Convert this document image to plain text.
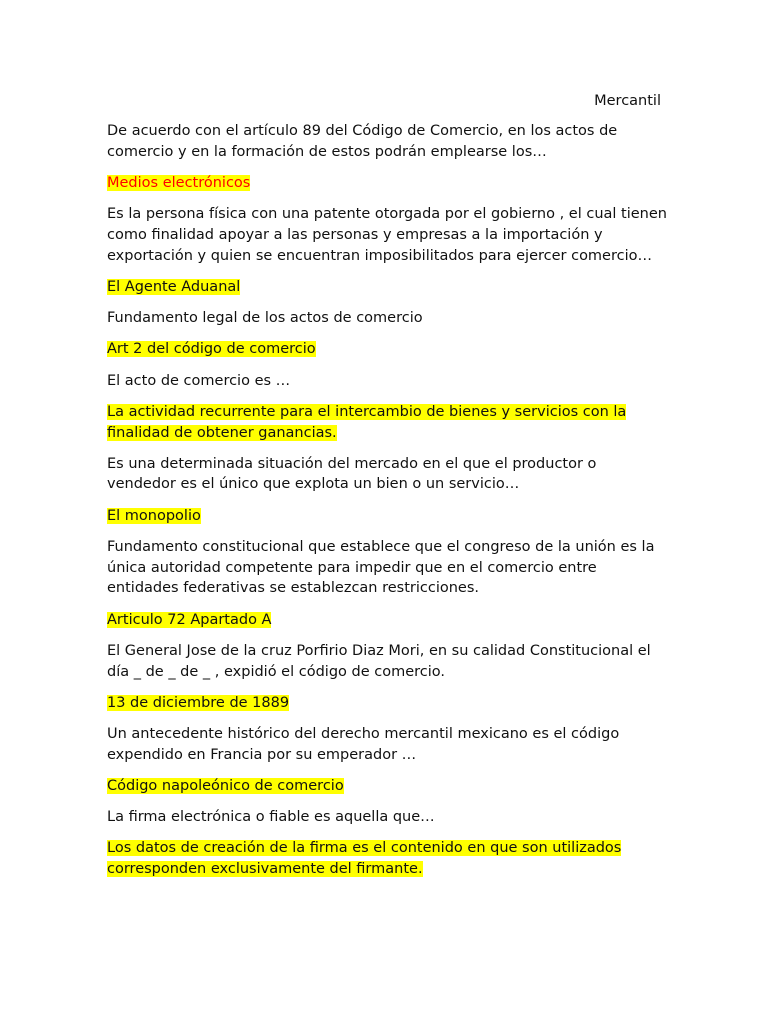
Mercantil
De acuerdo con el artículo 89 del Código de Comercio, en los actos de comercio y en la formación de estos podrán emplearse los…
Medios electrónicos
Es la persona física con una patente otorgada por el gobierno , el cual tienen como finalidad apoyar a las personas y empresas a la importación y exportación y quien se encuentran imposibilitados para ejercer comercio…
El Agente Aduanal
Fundamento legal de los actos de comercio
Art 2 del código de comercio
El acto de comercio es …
La actividad recurrente para el intercambio de bienes y servicios con la finalidad de obtener ganancias.
Es una determinada situación del mercado en el que el productor o vendedor es el único que explota un bien o un servicio…
El monopolio
Fundamento constitucional que establece que el congreso de la unión es la única autoridad competente para impedir que en el comercio entre entidades federativas se establezcan restricciones.
Articulo 72 Apartado A
El General Jose de la cruz Porfirio Diaz Mori, en su calidad Constitucional el día _ de _ de _ , expidió el código de comercio.
13 de diciembre de 1889
Un antecedente histórico del derecho mercantil mexicano es el código expendido en Francia por su emperador …
Código napoleónico de comercio
La firma electrónica o fiable es aquella que…
Los datos de creación de la firma es el contenido en que son utilizados corresponden exclusivamente del firmante.
